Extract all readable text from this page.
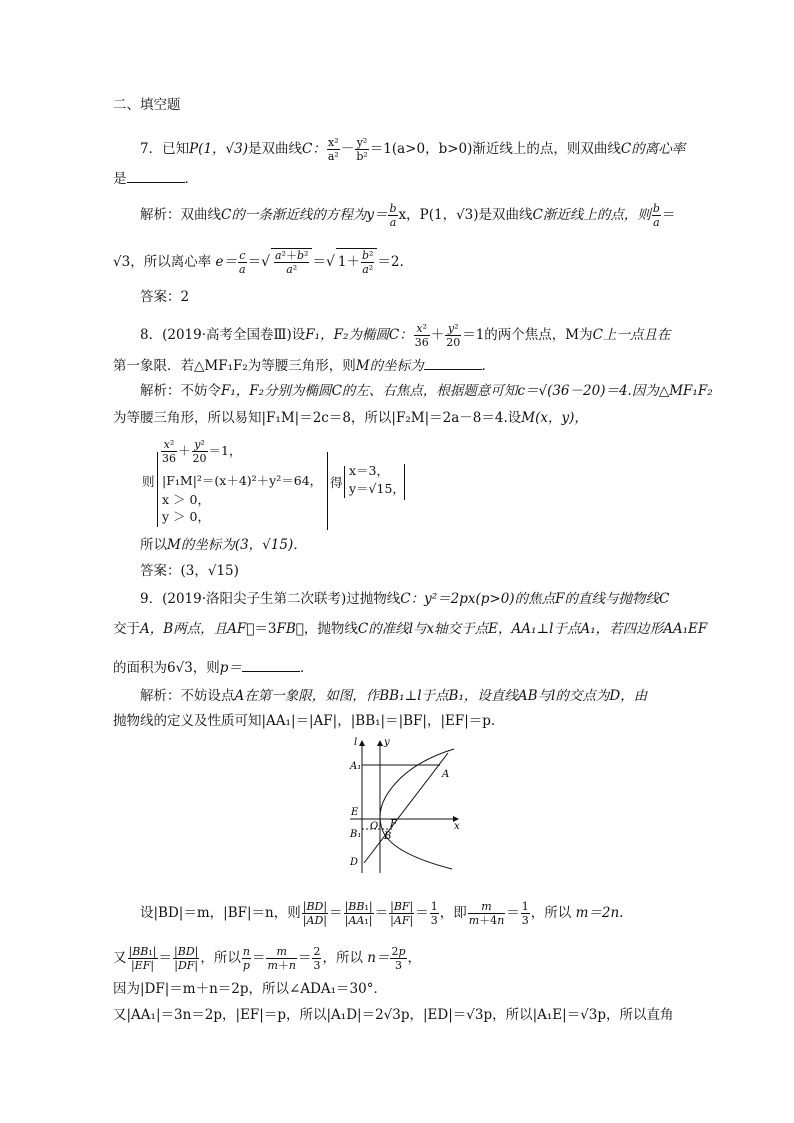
二、填空题
7．已知P(1，√3)是双曲线C： $\frac{\text{x²}}{\text{a²}} - \frac{\text{y²}}{\text{b²}} =1(a>0$，b>0)渐近线上的点，则双曲线C的离心率
是	．
解析：双曲线C的一条渐近线的方程为$y= \frac{b}{a}$ x，P(1，√3)是双曲线C渐近线上的点，则 $\frac{b}{a}$ ＝
√3，所以离心率 $e= \frac{c}{a}$ ＝√ $\frac{\text{a²＋b²}}{\text{a²}}$ ＝√ $1+ \frac{\text{b²}}{\text{a²}} =2$.
答案：2
8．(2019·高考全国卷Ⅲ)设F₁，F₂为椭圆C： $\frac{\text{x²}}{36} + \frac{\text{y²}}{20} =1$的两个焦点，M为C上一点且在
第一象限．若△MF₁F₂为等腰三角形，则M的坐标为	．
解析：不妨令F₁，F₂分别为椭圆C的左、右焦点，根据题意可知c＝√(36－20)＝4.因为△MF₁F₂
为等腰三角形，所以易知|F₁M|＝2c＝8，所以|F₂M|＝2a－8＝4.设M(x，y)，
$\frac{\text{x²}}{36} + \frac{\text{y²}}{20} =1$，
则 |F₁M|²＝(x＋4)²＋y²＝64，
x ＞ 0，
y ＞ 0，
得
x＝3，
y＝√15，
所以M的坐标为(3，√15)．
答案：(3，√15)
9．(2019·洛阳尖子生第二次联考)过抛物线C：y²＝2px(p>0)的焦点F的直线与抛物线C
交于A，B两点，且AF⃗＝3FB⃗，抛物线C的准线l与x轴交于点E，AA₁⊥l于点A₁，若四边形AA₁EF
的面积为6√3，则p＝	．
解析：不妨设点A在第一象限，如图，作BB₁⊥l于点B₁，设直线AB与l的交点为D，由
抛物线的定义及性质可知|AA₁|＝|AF|，|BB₁|＝|BF|，|EF|＝p.
l	y
x
A₁
A
E
O F
B₁ B
D
设|BD|＝m，|BF|＝n，则 $\frac{|BD|}{|AD|} = \frac{\text{|BB₁|}}{\text{|AA₁|}} = \frac{|BF|}{|AF|} = \frac{1}{3}$ ，即 $\frac{m}{m+4n} = \frac{1}{3}$ ，所以 m＝2n.
又 $\frac{\text{|BB₁|}}{|EF|} = \frac{|BD|}{|DF|}$ ，所以 $\frac{n}{p} = \frac{m}{m+n} = \frac{2}{3}$ ，所以 $n= \frac{2p}{3}$ ，
因为|DF|＝m＋n＝2p，所以∠ADA₁＝30°．
又|AA₁|＝3n＝2p，|EF|＝p，所以|A₁D|＝2√3p，|ED|＝√3p，所以|A₁E|＝√3p，所以直角
